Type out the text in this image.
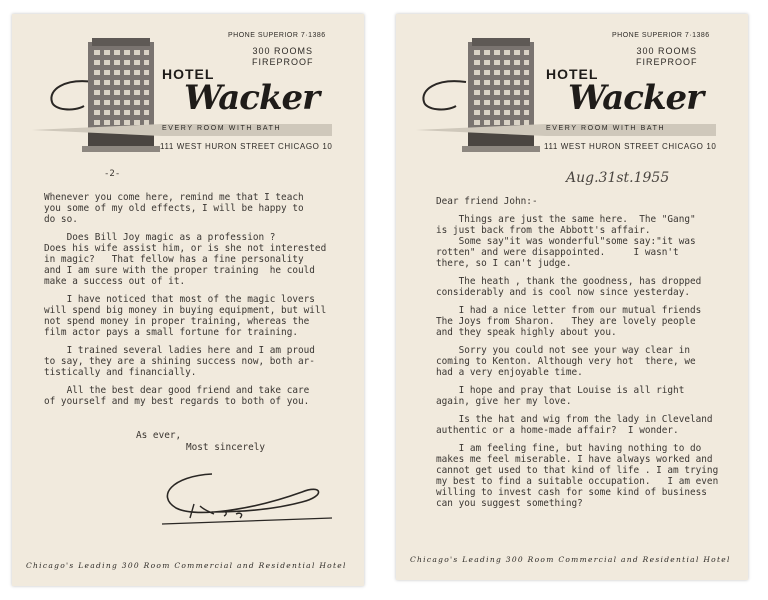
PHONE SUPERIOR 7·1386
300 ROOMS
FIREPROOF
HOTEL
Wacker
EVERY ROOM WITH BATH
111 WEST HURON STREET CHICAGO 10
-2-

Whenever you come here, remind me that I teach
you some of my old effects, I will be happy to
do so.

Does Bill Joy magic as a profession ?
Does his wife assist him, or is she not interested
in magic?   That fellow has a fine personality
and I am sure with the proper training  he could
make a success out of it.

I have noticed that most of the magic lovers
will spend big money in buying equipment, but will
not spend money in proper training, whereas the
film actor pays a small fortune for training.

I trained several ladies here and I am proud
to say, they are a shining success now, both ar-
tistically and financially.

All the best dear good friend and take care
of yourself and my best regards to both of you.

As ever,
Most sincerely
Chicago's Leading 300 Room Commercial and Residential Hotel
PHONE SUPERIOR 7·1386
300 ROOMS
FIREPROOF
HOTEL
Wacker
EVERY ROOM WITH BATH
111 WEST HURON STREET CHICAGO 10
Aug.31st.1955

Dear friend John:-

Things are just the same here.  The "Gang"
is just back from the Abbott's affair.
Some say"it was wonderful"some say:"it was
rotten" and were disappointed.     I wasn't
there, so I can't judge.

The heath , thank the goodness, has dropped
considerably and is cool now since yesterday.

I had a nice letter from our mutual friends
The Joys from Sharon.   They are lovely people
and they speak highly about you.

Sorry you could not see your way clear in
coming to Kenton. Although very hot  there, we
had a very enjoyable time.

I hope and pray that Louise is all right
again, give her my love.

Is the hat and wig from the lady in Cleveland
authentic or a home-made affair?  I wonder.

I am feeling fine, but having nothing to do
makes me feel miserable. I have always worked and
cannot get used to that kind of life . I am trying
my best to find a suitable occupation.   I am even
willing to invest cash for some kind of business
can you suggest something?

Chicago's Leading 300 Room Commercial and Residential Hotel
